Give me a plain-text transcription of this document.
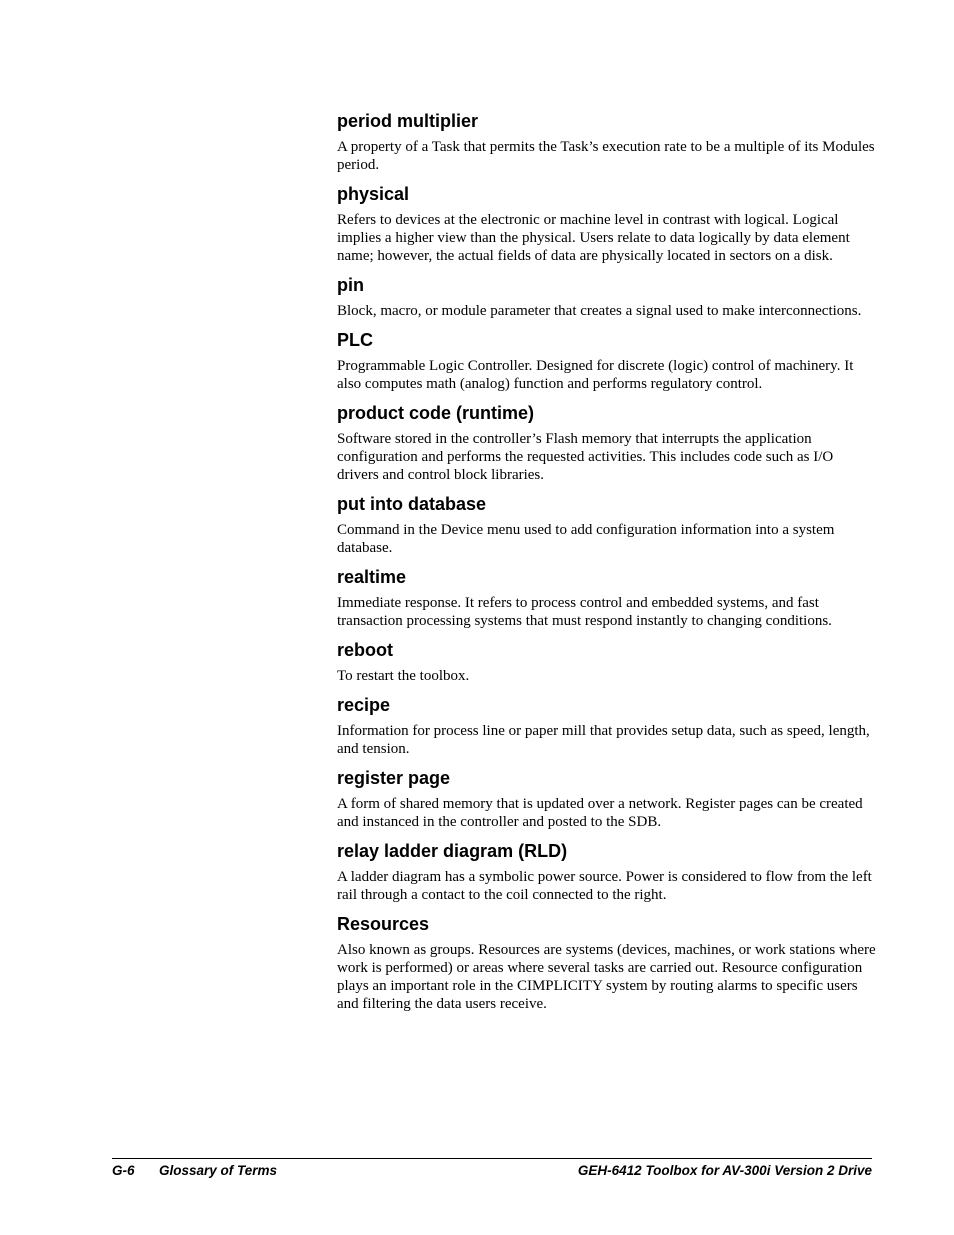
period multiplier
A property of a Task that permits the Task’s execution rate to be a multiple of its Modules period.
physical
Refers to devices at the electronic or machine level in contrast with logical. Logical implies a higher view than the physical. Users relate to data logically by data element name; however, the actual fields of data are physically located in sectors on a disk.
pin
Block, macro, or module parameter that creates a signal used to make interconnections.
PLC
Programmable Logic Controller. Designed for discrete (logic) control of machinery. It also computes math (analog) function and performs regulatory control.
product code (runtime)
Software stored in the controller’s Flash memory that interrupts the application configuration and performs the requested activities. This includes code such as I/O drivers and control block libraries.
put into database
Command in the Device menu used to add configuration information into a system database.
realtime
Immediate response. It refers to process control and embedded systems, and fast transaction processing systems that must respond instantly to changing conditions.
reboot
To restart the toolbox.
recipe
Information for process line or paper mill that provides setup data, such as speed, length, and tension.
register page
A form of shared memory that is updated over a network. Register pages can be created and instanced in the controller and posted to the SDB.
relay ladder diagram (RLD)
A ladder diagram has a symbolic power source. Power is considered to flow from the left rail through a contact to the coil connected to the right.
Resources
Also known as groups. Resources are systems (devices, machines, or work stations where work is performed) or areas where several tasks are carried out. Resource configuration plays an important role in the CIMPLICITY system by routing alarms to specific users and filtering the data users receive.
G-6 Glossary of Terms	GEH-6412 Toolbox for AV-300i Version 2 Drive
